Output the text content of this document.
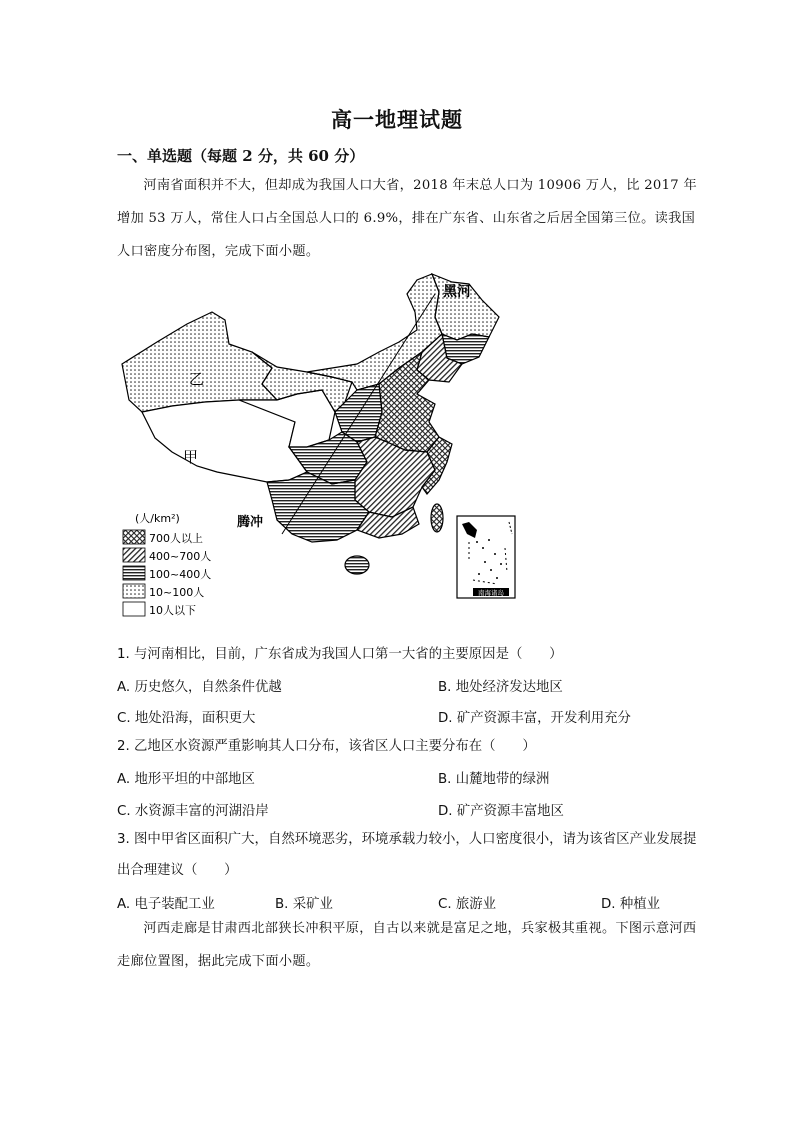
高一地理试题
一、单选题（每题 2 分，共 60 分）
河南省面积并不大，但却成为我国人口大省，2018 年末总人口为 10906 万人，比 2017 年增加 53 万人，常住人口占全国总人口的 6.9%，排在广东省、山东省之后居全国第三位。读我国人口密度分布图，完成下面小题。
黑河
腾冲
乙
甲
(人/km²)
700人以上
400~700人
100~400人
10~100人
10人以下
南海诸岛
1. 与河南相比，目前，广东省成为我国人口第一大省的主要原因是（　　）
A. 历史悠久，自然条件优越	B. 地处经济发达地区
C. 地处沿海，面积更大	D. 矿产资源丰富，开发利用充分
2. 乙地区水资源严重影响其人口分布，该省区人口主要分布在（　　）
A. 地形平坦的中部地区	B. 山麓地带的绿洲
C. 水资源丰富的河湖沿岸	D. 矿产资源丰富地区
3. 图中甲省区面积广大，自然环境恶劣，环境承载力较小，人口密度很小，请为该省区产业发展提出合理建议（　　）
A. 电子装配工业	B. 采矿业	C. 旅游业	D. 种植业
河西走廊是甘肃西北部狭长冲积平原，自古以来就是富足之地，兵家极其重视。下图示意河西走廊位置图，据此完成下面小题。
